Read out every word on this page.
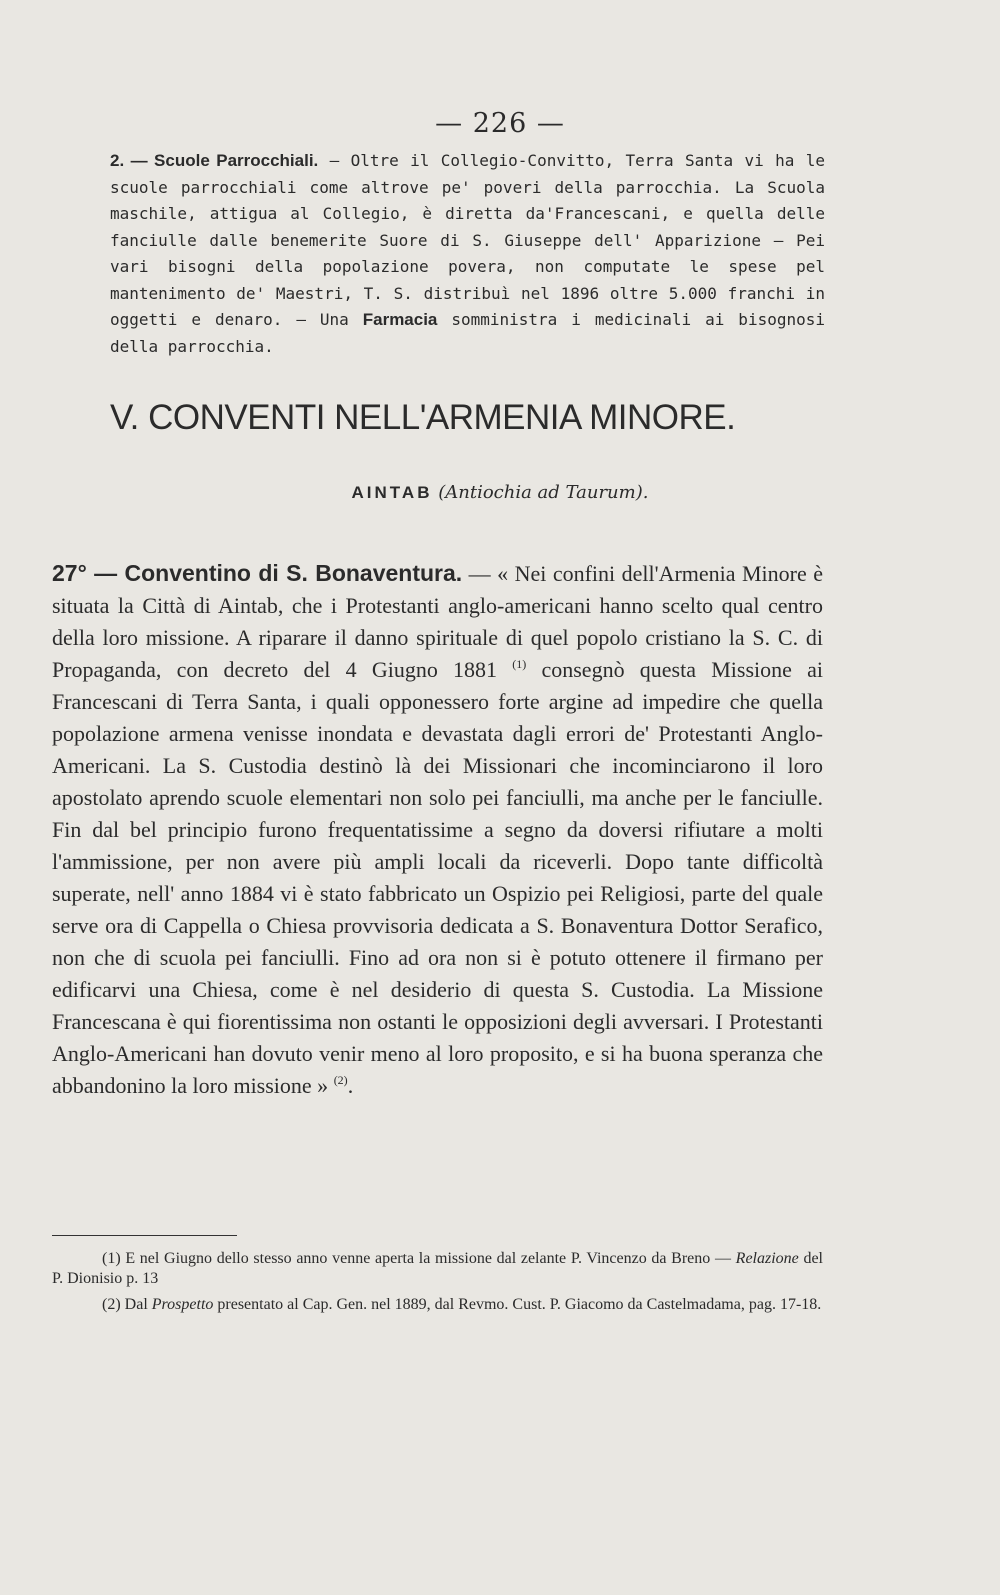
— 226 —
2. — Scuole Parrocchiali. — Oltre il Collegio-Convitto, Terra Santa vi ha le scuole parrocchiali come altrove pe' poveri della parrocchia. La Scuola maschile, attigua al Collegio, è diretta da'Francescani, e quella delle fanciulle dalle benemerite Suore di S. Giuseppe dell' Apparizione — Pei vari bisogni della popolazione povera, non computate le spese pel mantenimento de' Maestri, T. S. distribuì nel 1896 oltre 5.000 franchi in oggetti e denaro. — Una Farmacia somministra i medicinali ai bisognosi della parrocchia.
V. CONVENTI NELL'ARMENIA MINORE.
AINTAB (Antiochia ad Taurum).
27° — Conventino di S. Bonaventura. — « Nei confini dell'Armenia Minore è situata la Città di Aintab, che i Protestanti anglo-americani hanno scelto qual centro della loro missione. A riparare il danno spirituale di quel popolo cristiano la S. C. di Propaganda, con decreto del 4 Giugno 1881 $^{(1)}$ consegnò questa Missione ai Francescani di Terra Santa, i quali opponessero forte argine ad impedire che quella popolazione armena venisse inondata e devastata dagli errori de' Protestanti Anglo-Americani. La S. Custodia destinò là dei Missionari che incominciarono il loro apostolato aprendo scuole elementari non solo pei fanciulli, ma anche per le fanciulle. Fin dal bel principio furono frequentatissime a segno da doversi rifiutare a molti l'ammissione, per non avere più ampli locali da riceverli. Dopo tante difficoltà superate, nell' anno 1884 vi è stato fabbricato un Ospizio pei Religiosi, parte del quale serve ora di Cappella o Chiesa provvisoria dedicata a S. Bonaventura Dottor Serafico, non che di scuola pei fanciulli. Fino ad ora non si è potuto ottenere il firmano per edificarvi una Chiesa, come è nel desiderio di questa S. Custodia. La Missione Francescana è qui fiorentissima non ostanti le opposizioni degli avversari. I Protestanti Anglo-Americani han dovuto venir meno al loro proposito, e si ha buona speranza che abbandonino la loro missione » $^{(2)}$.

(1) E nel Giugno dello stesso anno venne aperta la missione dal zelante P. Vincenzo da Breno — Relazione del P. Dionisio p. 13

(2) Dal Prospetto presentato al Cap. Gen. nel 1889, dal Revmo. Cust. P. Giacomo da Castelmadama, pag. 17-18.
